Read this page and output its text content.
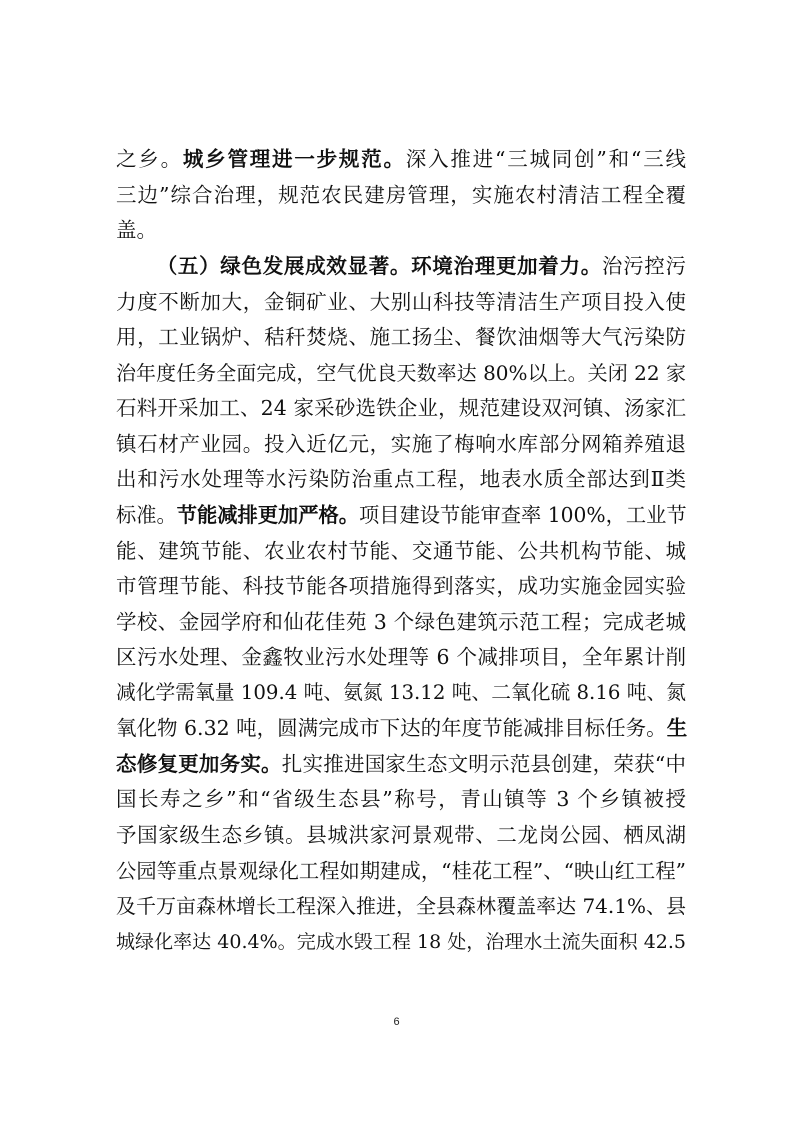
之乡。城乡管理进一步规范。深入推进“三城同创”和“三线
三边”综合治理，规范农民建房管理，实施农村清洁工程全覆
盖。
（五）绿色发展成效显著。环境治理更加着力。治污控污
力度不断加大，金铜矿业、大别山科技等清洁生产项目投入使
用，工业锅炉、秸秆焚烧、施工扬尘、餐饮油烟等大气污染防
治年度任务全面完成，空气优良天数率达 80%以上。关闭 22 家
石料开采加工、24 家采砂选铁企业，规范建设双河镇、汤家汇
镇石材产业园。投入近亿元，实施了梅响水库部分网箱养殖退
出和污水处理等水污染防治重点工程，地表水质全部达到Ⅱ类
标准。节能减排更加严格。项目建设节能审查率 100%，工业节
能、建筑节能、农业农村节能、交通节能、公共机构节能、城
市管理节能、科技节能各项措施得到落实，成功实施金园实验
学校、金园学府和仙花佳苑 3 个绿色建筑示范工程；完成老城
区污水处理、金鑫牧业污水处理等 6 个减排项目，全年累计削
减化学需氧量 109.4 吨、氨氮 13.12 吨、二氧化硫 8.16 吨、氮
氧化物 6.32 吨，圆满完成市下达的年度节能减排目标任务。生
态修复更加务实。扎实推进国家生态文明示范县创建，荣获“中
国长寿之乡”和“省级生态县”称号，青山镇等 3 个乡镇被授
予国家级生态乡镇。县城洪家河景观带、二龙岗公园、栖凤湖
公园等重点景观绿化工程如期建成，“桂花工程”、“映山红工程”
及千万亩森林增长工程深入推进，全县森林覆盖率达 74.1%、县
城绿化率达 40.4%。完成水毁工程 18 处，治理水土流失面积 42.5
6
